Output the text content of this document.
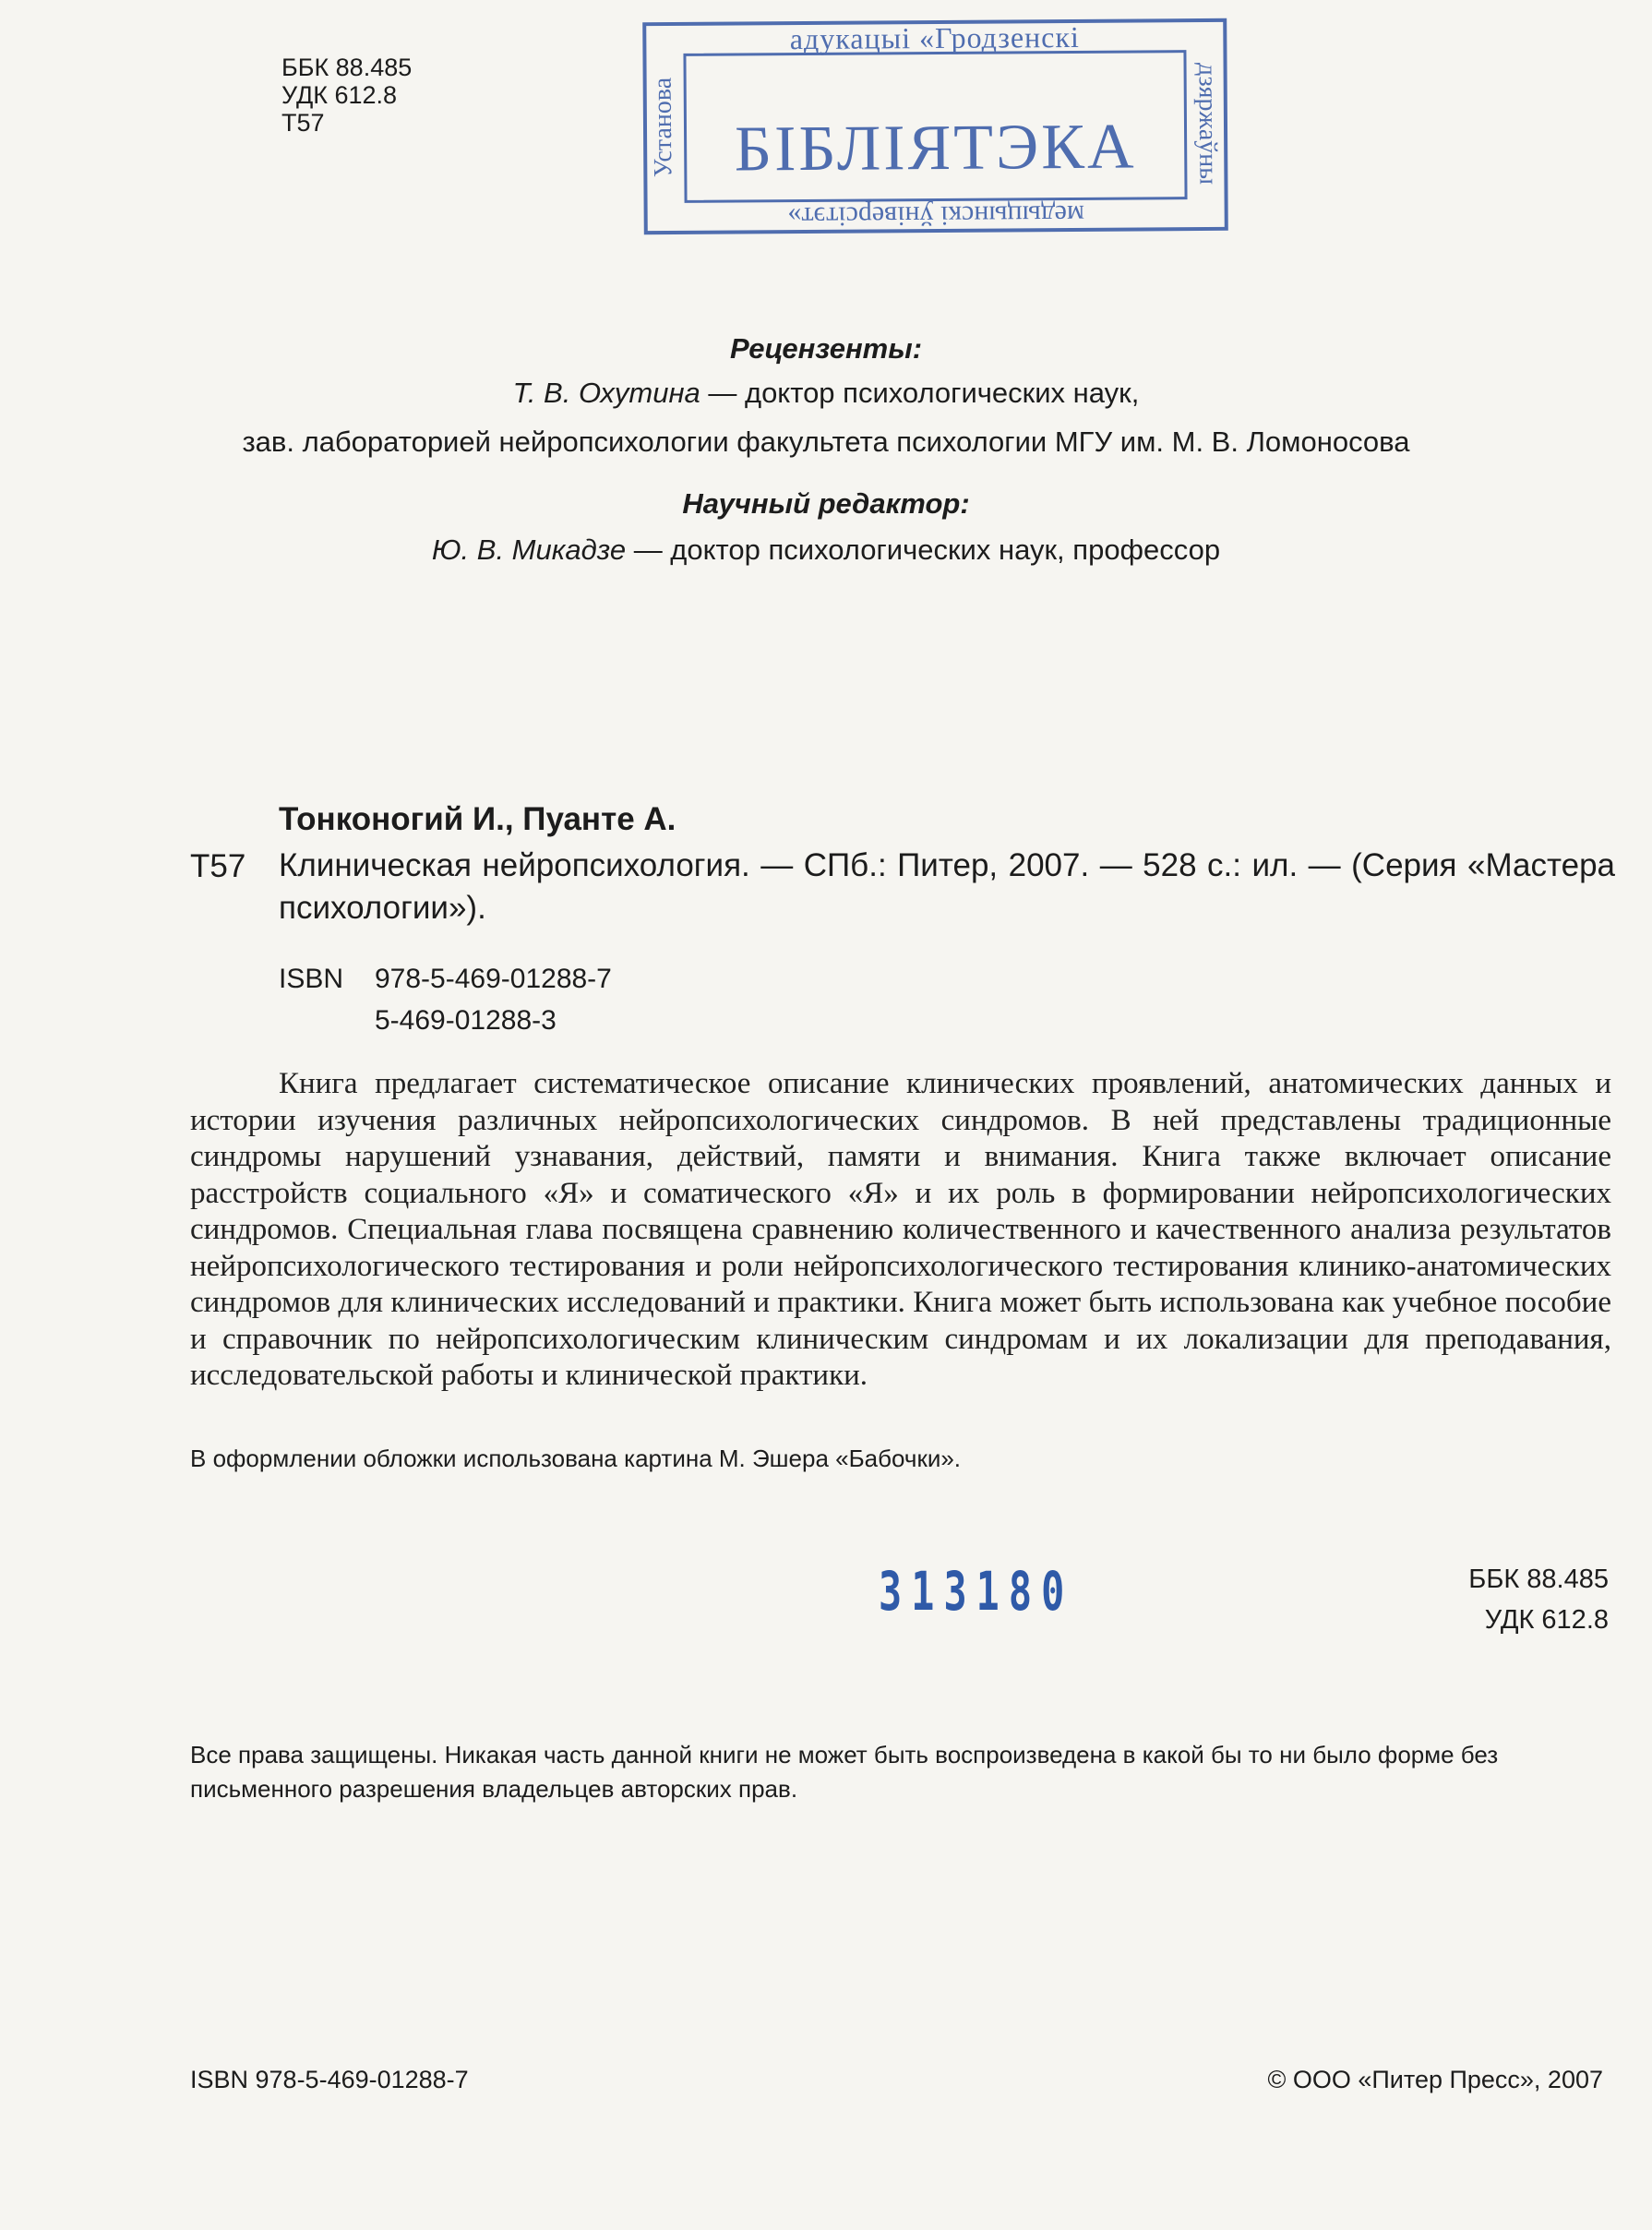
ББК 88.485
УДК 612.8
Т57	Установа	дзяржаўны
БІБЛІЯТЭКА
адукацыі «Гродзенскі
медыцынскі ўніверсітэт»
Рецензенты:
Т. В. Охутина — доктор психологических наук,
зав. лабораторией нейропсихологии факультета психологии МГУ им. М. В. Ломоносова
Научный редактор:
Ю. В. Микадзе — доктор психологических наук, профессор
Тонконогий И., Пуанте А.
Т57 Клиническая нейропсихология. — СПб.: Питер, 2007. — 528 с.: ил. — (Серия «Мастера психологии»).
ISBN 978-5-469-01288-7
5-469-01288-3
Книга предлагает систематическое описание клинических проявлений, анатомических данных и истории изучения различных нейропсихологических синдромов. В ней представлены традиционные синдромы нарушений узнавания, действий, памяти и внимания. Книга также включает описание расстройств социального «Я» и соматического «Я» и их роль в формировании нейропсихологических синдромов. Специальная глава посвящена сравнению количественного и качественного анализа результатов нейропсихологического тестирования и роли нейропсихологического тестирования клинико-анатомических синдромов для клинических исследований и практики. Книга может быть использована как учебное пособие и справочник по нейропсихологическим клиническим синдромам и их локализации для преподавания, исследовательской работы и клинической практики.
В оформлении обложки использована картина М. Эшера «Бабочки».
313180	ББК 88.485
УДК 612.8
Все права защищены. Никакая часть данной книги не может быть воспроизведена в какой бы то ни было форме без письменного разрешения владельцев авторских прав.
ISBN 978-5-469-01288-7	© ООО «Питер Пресс», 2007
